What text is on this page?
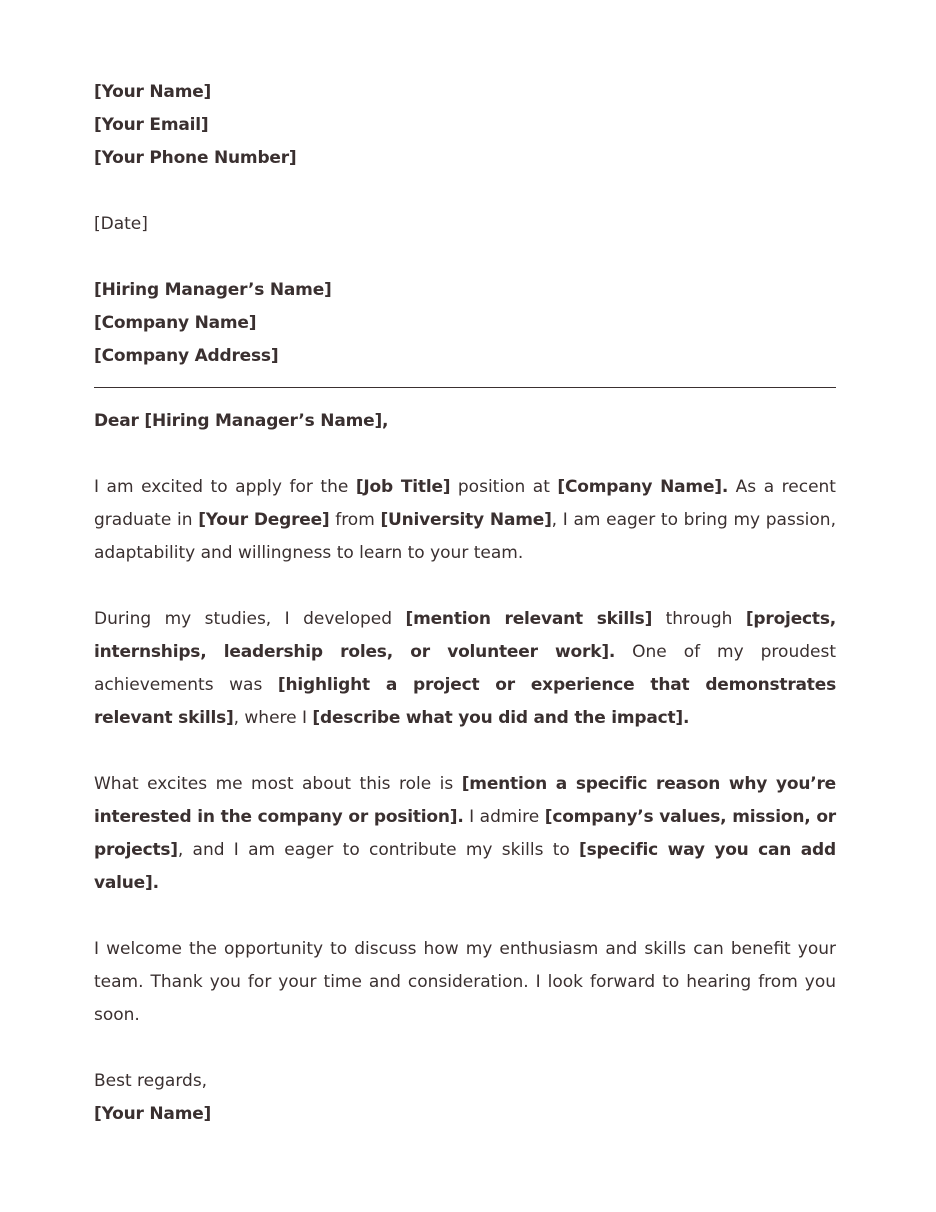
[Your Name]
[Your Email]
[Your Phone Number]
[Date]
[Hiring Manager’s Name]
[Company Name]
[Company Address]
Dear [Hiring Manager’s Name],

I am excited to apply for the [Job Title] position at [Company Name]. As a recent graduate in [Your Degree] from [University Name], I am eager to bring my passion, adaptability and willingness to learn to your team.

During my studies, I developed [mention relevant skills] through [projects, internships, leadership roles, or volunteer work]. One of my proudest achievements was [highlight a project or experience that demonstrates relevant skills], where I [describe what you did and the impact].

What excites me most about this role is [mention a specific reason why you’re interested in the company or position]. I admire [company’s values, mission, or projects], and I am eager to contribute my skills to [specific way you can add value].

I welcome the opportunity to discuss how my enthusiasm and skills can benefit your team. Thank you for your time and consideration. I look forward to hearing from you soon.

Best regards,
[Your Name]
